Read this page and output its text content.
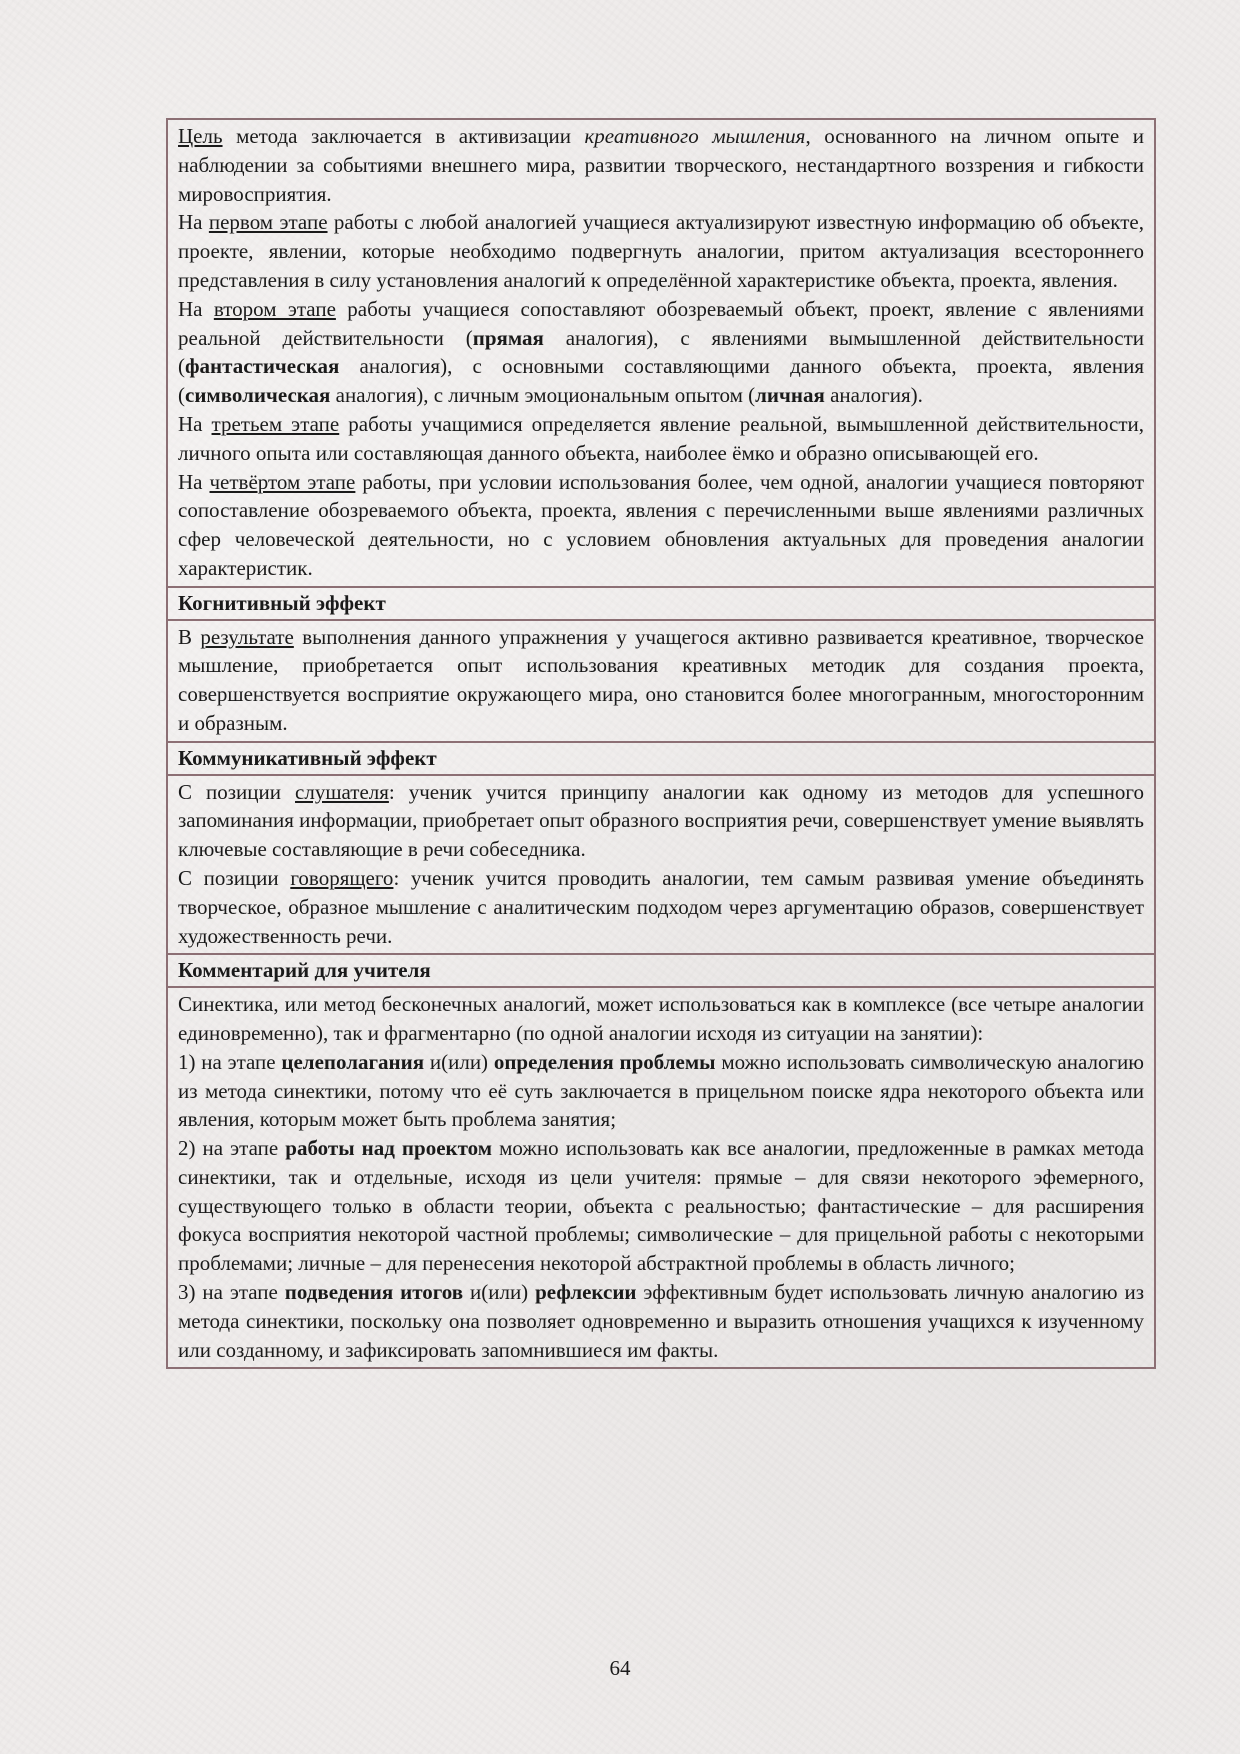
Цель метода заключается в активизации креативного мышления, основанного на личном опыте и наблюдении за событиями внешнего мира, развитии творческого, нестандартного воззрения и гибкости мировосприятия.

На первом этапе работы с любой аналогией учащиеся актуализируют известную информацию об объекте, проекте, явлении, которые необходимо подвергнуть аналогии, притом актуализация всестороннего представления в силу установления аналогий к определённой характеристике объекта, проекта, явления.

На втором этапе работы учащиеся сопоставляют обозреваемый объект, проект, явление с явлениями реальной действительности (прямая аналогия), с явлениями вымышленной действительности (фантастическая аналогия), с основными составляющими данного объекта, проекта, явления (символическая аналогия), с личным эмоциональным опытом (личная аналогия).

На третьем этапе работы учащимися определяется явление реальной, вымышленной действительности, личного опыта или составляющая данного объекта, наиболее ёмко и образно описывающей его.

На четвёртом этапе работы, при условии использования более, чем одной, аналогии учащиеся повторяют сопоставление обозреваемого объекта, проекта, явления с перечисленными выше явлениями различных сфер человеческой деятельности, но с условием обновления актуальных для проведения аналогии характеристик.

Когнитивный эффект

В результате выполнения данного упражнения у учащегося активно развивается креативное, творческое мышление, приобретается опыт использования креативных методик для создания проекта, совершенствуется восприятие окружающего мира, оно становится более многогранным, многосторонним и образным.

Коммуникативный эффект

С позиции слушателя: ученик учится принципу аналогии как одному из методов для успешного запоминания информации, приобретает опыт образного восприятия речи, совершенствует умение выявлять ключевые составляющие в речи собеседника.

С позиции говорящего: ученик учится проводить аналогии, тем самым развивая умение объединять творческое, образное мышление с аналитическим подходом через аргументацию образов, совершенствует художественность речи.

Комментарий для учителя

Синектика, или метод бесконечных аналогий, может использоваться как в комплексе (все четыре аналогии единовременно), так и фрагментарно (по одной аналогии исходя из ситуации на занятии):

1) на этапе целеполагания и(или) определения проблемы можно использовать символическую аналогию из метода синектики, потому что её суть заключается в прицельном поиске ядра некоторого объекта или явления, которым может быть проблема занятия;

2) на этапе работы над проектом можно использовать как все аналогии, предложенные в рамках метода синектики, так и отдельные, исходя из цели учителя: прямые – для связи некоторого эфемерного, существующего только в области теории, объекта с реальностью; фантастические – для расширения фокуса восприятия некоторой частной проблемы; символические – для прицельной работы с некоторыми проблемами; личные – для перенесения некоторой абстрактной проблемы в область личного;

3) на этапе подведения итогов и(или) рефлексии эффективным будет использовать личную аналогию из метода синектики, поскольку она позволяет одновременно и выразить отношения учащихся к изученному или созданному, и зафиксировать запомнившиеся им факты.

64
